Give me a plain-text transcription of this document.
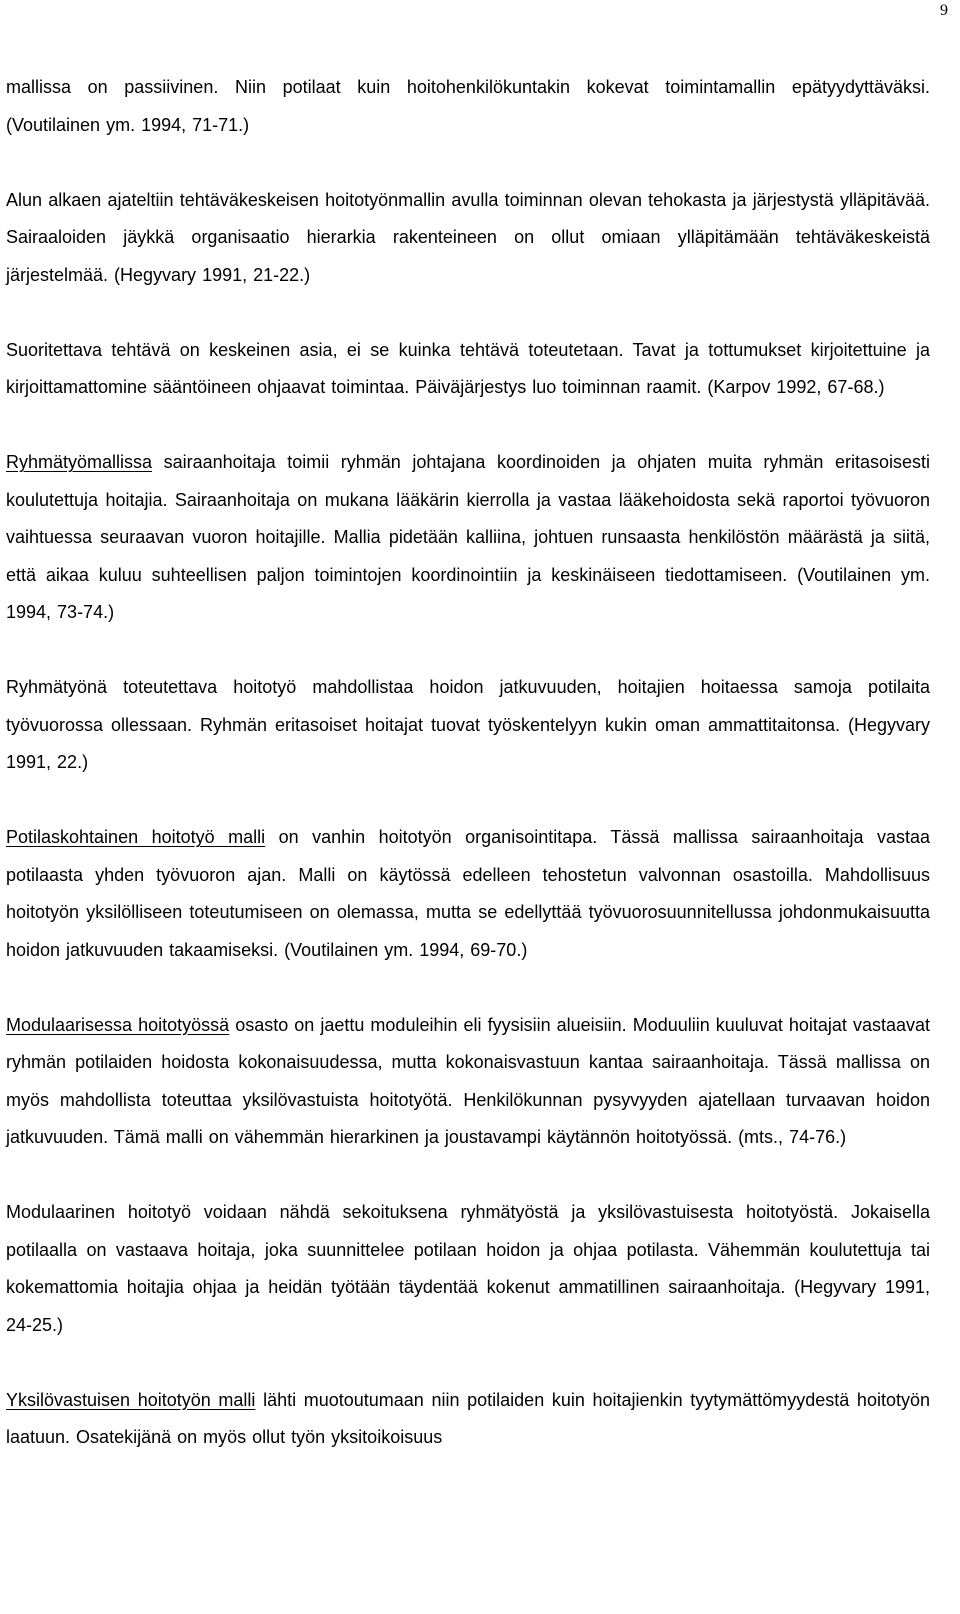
9

mallissa on passiivinen. Niin potilaat kuin hoitohenkilökuntakin kokevat toimintamallin epätyydyttäväksi. (Voutilainen ym. 1994, 71-71.)

Alun alkaen ajateltiin tehtäväkeskeisen hoitotyönmallin avulla toiminnan olevan tehokasta ja järjestystä ylläpitävää. Sairaaloiden jäykkä organisaatio hierarkia rakenteineen on ollut omiaan ylläpitämään tehtäväkeskeistä järjestelmää. (Hegyvary 1991, 21-22.)

Suoritettava tehtävä on keskeinen asia, ei se kuinka tehtävä toteutetaan. Tavat ja tottumukset kirjoitettuine ja kirjoittamattomine sääntöineen ohjaavat toimintaa. Päiväjärjestys luo toiminnan raamit. (Karpov 1992, 67-68.)

Ryhmätyömallissa sairaanhoitaja toimii ryhmän johtajana koordinoiden ja ohjaten muita ryhmän eritasoisesti koulutettuja hoitajia. Sairaanhoitaja on mukana lääkärin kierrolla ja vastaa lääkehoidosta sekä raportoi työvuoron vaihtuessa seuraavan vuoron hoitajille. Mallia pidetään kalliina, johtuen runsaasta henkilöstön määrästä ja siitä, että aikaa kuluu suhteellisen paljon toimintojen koordinointiin ja keskinäiseen tiedottamiseen. (Voutilainen ym. 1994, 73-74.)

Ryhmätyönä toteutettava hoitotyö mahdollistaa hoidon jatkuvuuden, hoitajien hoitaessa samoja potilaita työvuorossa ollessaan. Ryhmän eritasoiset hoitajat tuovat työskentelyyn kukin oman ammattitaitonsa. (Hegyvary 1991, 22.)

Potilaskohtainen hoitotyö malli on vanhin hoitotyön organisointitapa. Tässä mallissa sairaanhoitaja vastaa potilaasta yhden työvuoron ajan. Malli on käytössä edelleen tehostetun valvonnan osastoilla. Mahdollisuus hoitotyön yksilölliseen toteutumiseen on olemassa, mutta se edellyttää työvuorosuunnitellussa johdonmukaisuutta hoidon jatkuvuuden takaamiseksi. (Voutilainen ym. 1994, 69-70.)

Modulaarisessa hoitotyössä osasto on jaettu moduleihin eli fyysisiin alueisiin. Moduuliin kuuluvat hoitajat vastaavat ryhmän potilaiden hoidosta kokonaisuudessa, mutta kokonaisvastuun kantaa sairaanhoitaja. Tässä mallissa on myös mahdollista toteuttaa yksilövastuista hoitotyötä. Henkilökunnan pysyvyyden ajatellaan turvaavan hoidon jatkuvuuden. Tämä malli on vähemmän hierarkinen ja joustavampi käytännön hoitotyössä. (mts., 74-76.)

Modulaarinen hoitotyö voidaan nähdä sekoituksena ryhmätyöstä ja yksilövastuisesta hoitotyöstä. Jokaisella potilaalla on vastaava hoitaja, joka suunnittelee potilaan hoidon ja ohjaa potilasta. Vähemmän koulutettuja tai kokemattomia hoitajia ohjaa ja heidän työtään täydentää kokenut ammatillinen sairaanhoitaja. (Hegyvary 1991, 24-25.)

Yksilövastuisen hoitotyön malli lähti muotoutumaan niin potilaiden kuin hoitajienkin tyytymättömyydestä hoitotyön laatuun. Osatekijänä on myös ollut työn yksitoikoisuus
